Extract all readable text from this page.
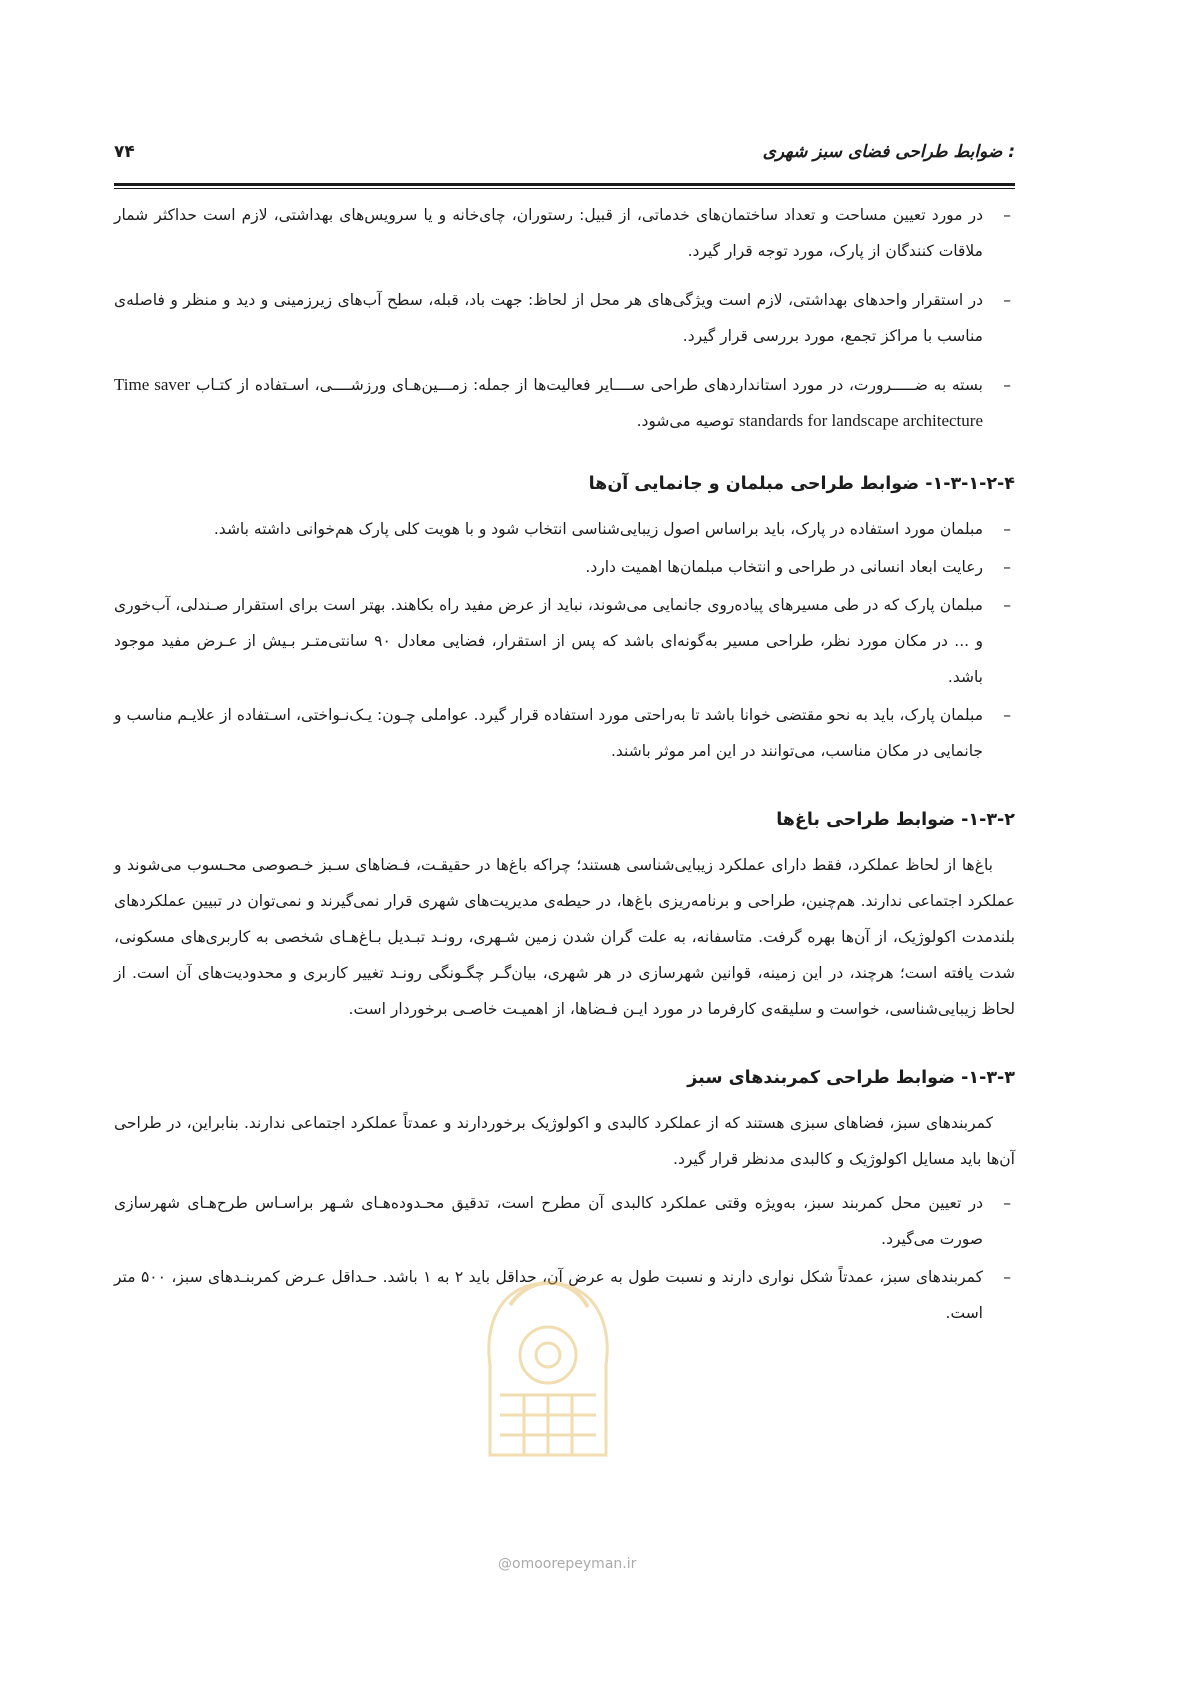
: ضوابط طراحی فضای سبز شهری
۷۴
–
در مورد تعیین مساحت و تعداد ساختمان‌های خدماتی، از قبیل: رستوران، چای‌خانه و یا سرویس‌های بهداشتی، لازم است حداکثر شمار ملاقات کنندگان از پارک، مورد توجه قرار گیرد.
–
در استقرار واحدهای بهداشتی، لازم است ویژگی‌های هر محل از لحاظ: جهت باد، قبله، سطح آب‌های زیرزمینی و دید و منظر و فاصله‌ی مناسب با مراکز تجمع، مورد بررسی قرار گیرد.
–
بسته به ضـــــرورت، در مورد استانداردهای طراحی ســــایر فعالیت‌ها از جمله: زمـــین‌هـای ورزشــــی، اسـتفاده از کتـاب Time saver standards for landscape architecture توصیه می‌شود.
۱-۳-۱-۲-۴- ضوابط طراحی مبلمان و جانمایی آن‌ها
–
مبلمان مورد استفاده در پارک، باید براساس اصول زیبایی‌شناسی انتخاب شود و با هویت کلی پارک هم‌خوانی داشته باشد.
–
رعایت ابعاد انسانی در طراحی و انتخاب مبلمان‌ها اهمیت دارد.
–
مبلمان پارک که در طی مسیرهای پیاده‌روی جانمایی می‌شوند، نباید از عرض مفید راه بکاهند. بهتر است برای استقرار صـندلی، آب‌خوری و ... در مکان مورد نظر، طراحی مسیر به‌گونه‌ای باشد که پس از استقرار، فضایی معادل ۹۰ سانتی‌متـر بـیش از عـرض مفید موجود باشد.
–
مبلمان پارک، باید به نحو مقتضی خوانا باشد تا به‌راحتی مورد استفاده قرار گیرد. عواملی چـون: یـک‌نـواختی، اسـتفاده از علایـم مناسب و جانمایی در مکان مناسب، می‌توانند در این امر موثر باشند.
۱-۳-۲- ضوابط طراحی باغ‌ها

باغ‌ها از لحاظ عملکرد، فقط دارای عملکرد زیبایی‌شناسی هستند؛ چراکه باغ‌ها در حقیقـت، فـضاهای سـبز خـصوصی محـسوب می‌شوند و عملکرد اجتماعی ندارند. هم‌چنین، طراحی و برنامه‌ریزی باغ‌ها، در حیطه‌ی مدیریت‌های شهری قرار نمی‌گیرند و نمی‌توان در تبیین عملکردهای بلندمدت اکولوژیک، از آن‌ها بهره گرفت. متاسفانه، به علت گران شدن زمین شـهری، رونـد تبـدیل بـاغ‌هـای شخصی به کاربری‌های مسکونی، شدت یافته است؛ هرچند، در این زمینه، قوانین شهرسازی در هر شهری، بیان‌گـر چگـونگی رونـد تغییر کاربری و محدودیت‌های آن است. از لحاظ زیبایی‌شناسی، خواست و سلیقه‌ی کارفرما در مورد ایـن فـضاها، از اهمیـت خاصـی برخوردار است.

۱-۳-۳- ضوابط طراحی کمربندهای سبز

کمربندهای سبز، فضاهای سبزی هستند که از عملکرد کالبدی و اکولوژیک برخوردارند و عمدتاً عملکرد اجتماعی ندارند. بنابراین، در طراحی آن‌ها باید مسایل اکولوژیک و کالبدی مدنظر قرار گیرد.

–
در تعیین محل کمربند سبز، به‌ویژه وقتی عملکرد کالبدی آن مطرح است، تدقیق محـدوده‌هـای شـهر براسـاس طرح‌هـای شهرسازی صورت می‌گیرد.
–
کمربندهای سبز، عمدتاً شکل نواری دارند و نسبت طول به عرض آن، حداقل باید ۲ به ۱ باشد. حـداقل عـرض کمربنـدهای سبز، ۵۰۰ متر است.
@omoorepeyman.ir
